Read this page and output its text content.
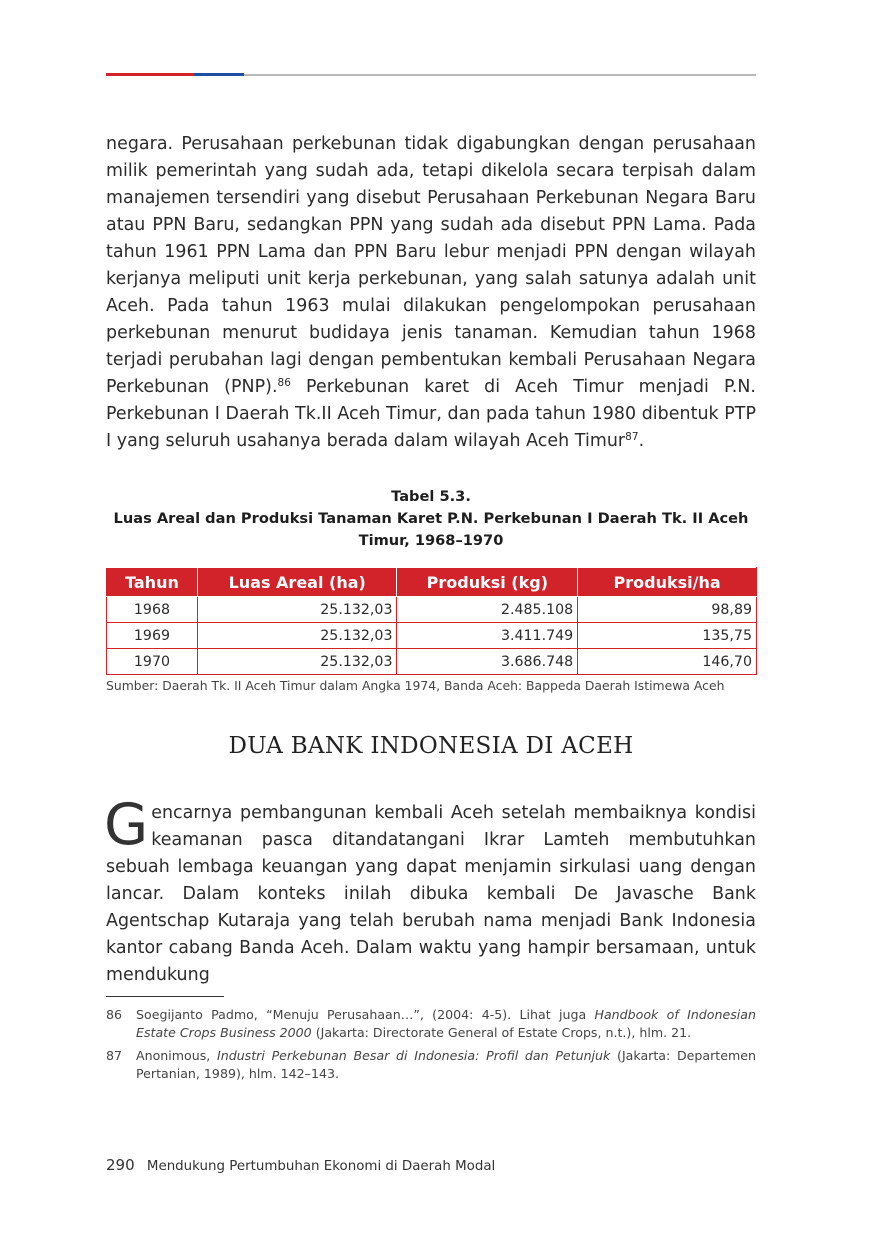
negara. Perusahaan perkebunan tidak digabungkan dengan perusahaan milik pemerintah yang sudah ada, tetapi dikelola secara terpisah dalam manajemen tersendiri yang disebut Perusahaan Perkebunan Negara Baru atau PPN Baru, sedangkan PPN yang sudah ada disebut PPN Lama. Pada tahun 1961 PPN Lama dan PPN Baru lebur menjadi PPN dengan wilayah kerjanya meliputi unit kerja perkebunan, yang salah satunya adalah unit Aceh. Pada tahun 1963 mulai dilakukan pengelompokan perusahaan perkebunan menurut budidaya jenis tanaman. Kemudian tahun 1968 terjadi perubahan lagi dengan pembentukan kembali Perusahaan Negara Perkebunan (PNP).$^{86}$ Perkebunan karet di Aceh Timur menjadi P.N. Perkebunan I Daerah Tk.II Aceh Timur, dan pada tahun 1980 dibentuk PTP I yang seluruh usahanya berada dalam wilayah Aceh Timur$^{87}$.

Tabel 5.3.
Luas Areal dan Produksi Tanaman Karet P.N. Perkebunan I Daerah Tk. II Aceh Timur, 1968–1970
Tahun	Luas Areal (ha)	Produksi (kg)	Produksi/ha
1968	25.132,03	2.485.108	98,89
1969	25.132,03	3.411.749	135,75
1970	25.132,03	3.686.748	146,70
Sumber: Daerah Tk. II Aceh Timur dalam Angka 1974, Banda Aceh: Bappeda Daerah Istimewa Aceh
DUA BANK INDONESIA DI ACEH

Gencarnya pembangunan kembali Aceh setelah membaiknya kondisi keamanan pasca ditandatangani Ikrar Lamteh membutuhkan sebuah lembaga keuangan yang dapat menjamin sirkulasi uang dengan lancar. Dalam konteks inilah dibuka kembali De Javasche Bank Agentschap Kutaraja yang telah berubah nama menjadi Bank Indonesia kantor cabang Banda Aceh. Dalam waktu yang hampir bersamaan, untuk mendukung

86 Soegijanto Padmo, “Menuju Perusahaan…”, (2004: 4-5). Lihat juga Handbook of Indonesian Estate Crops Business 2000 (Jakarta: Directorate General of Estate Crops, n.t.), hlm. 21.
87 Anonimous, Industri Perkebunan Besar di Indonesia: Profil dan Petunjuk (Jakarta: Departemen Pertanian, 1989), hlm. 142–143.
290 Mendukung Pertumbuhan Ekonomi di Daerah Modal
